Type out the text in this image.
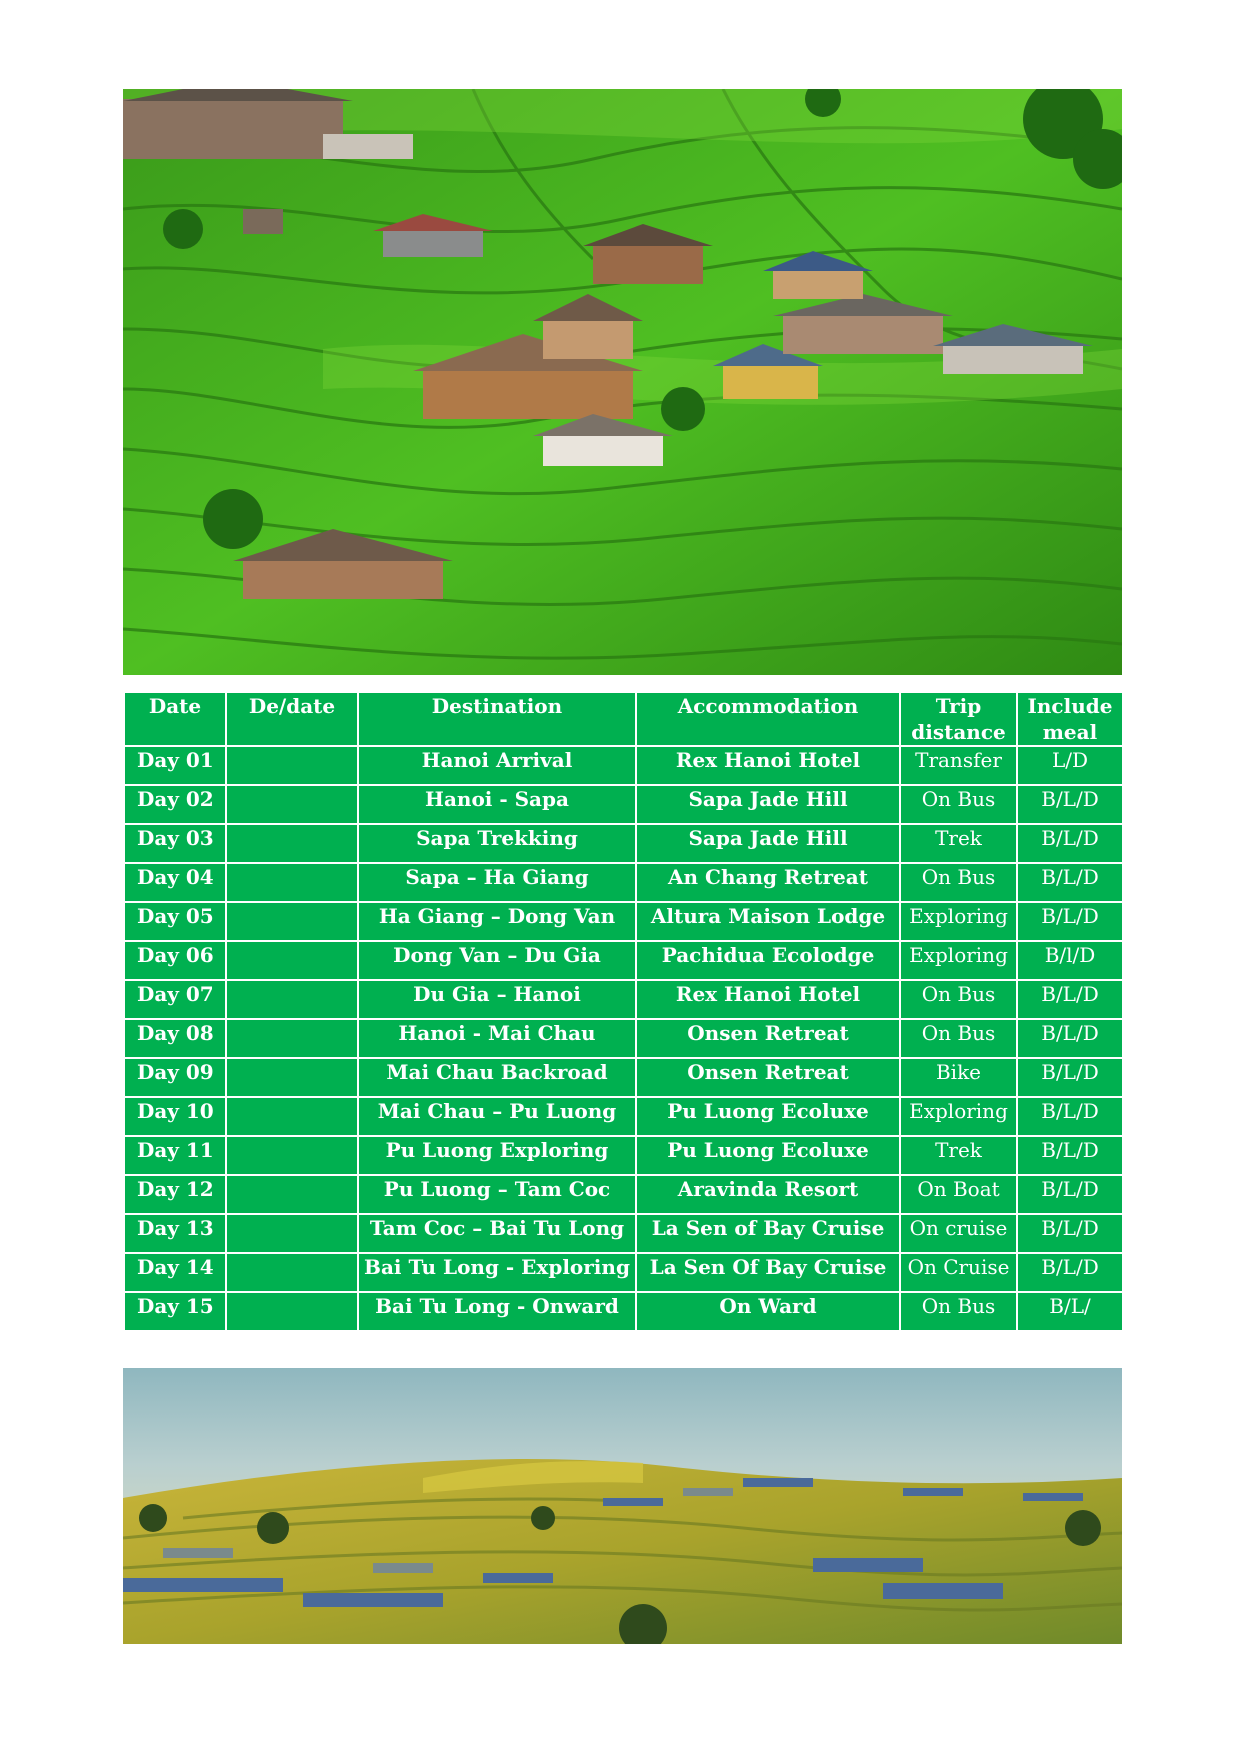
Date	De/date	Destination	Accommodation	Trip distance	Include meal
Day 01		Hanoi Arrival	Rex Hanoi Hotel	Transfer	L/D
Day 02		Hanoi - Sapa	Sapa Jade Hill	On Bus	B/L/D
Day 03		Sapa Trekking	Sapa Jade Hill	Trek	B/L/D
Day 04		Sapa – Ha Giang	An Chang Retreat	On Bus	B/L/D
Day 05		Ha Giang – Dong Van	Altura Maison Lodge	Exploring	B/L/D
Day 06		Dong Van – Du Gia	Pachidua Ecolodge	Exploring	B/l/D
Day 07		Du Gia – Hanoi	Rex Hanoi Hotel	On Bus	B/L/D
Day 08		Hanoi - Mai Chau	Onsen Retreat	On Bus	B/L/D
Day 09		Mai Chau Backroad	Onsen Retreat	Bike	B/L/D
Day 10		Mai Chau – Pu Luong	Pu Luong Ecoluxe	Exploring	B/L/D
Day 11		Pu Luong Exploring	Pu Luong Ecoluxe	Trek	B/L/D
Day 12		Pu Luong – Tam Coc	Aravinda Resort	On Boat	B/L/D
Day 13		Tam Coc – Bai Tu Long	La Sen of Bay Cruise	On cruise	B/L/D
Day 14		Bai Tu Long - Exploring	La Sen Of Bay Cruise	On Cruise	B/L/D
Day 15		Bai Tu Long - Onward	On Ward	On Bus	B/L/
